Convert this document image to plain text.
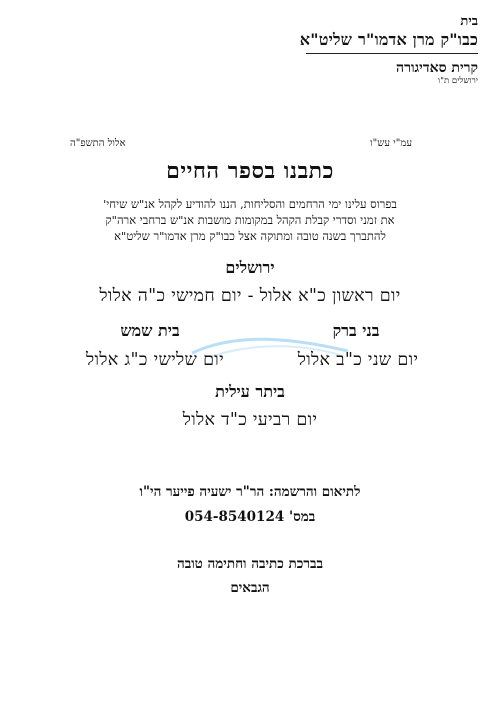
בית
כבו"ק מרן אדמו"ר שליט"א
קרית סאדיגורה
ירושלים ת"ו
עמ"י עש"ו
אלול התשפ"ה
כתבנו בספר החיים
בפרוס עלינו ימי הרחמים והסליחות, הננו להודיע לקהל אנ"ש שיחי'
את זמני וסדרי קבלת הקהל במקומות מושבות אנ"ש ברחבי ארה"ק
להתברך בשנה טובה ומתוקה אצל כבו"ק מרן אדמו"ר שליט"א
ירושלים
יום ראשון כ"א אלול - יום חמישי כ"ה אלול
בני ברק
בית שמש
יום שני כ"ב אלול
יום שלישי כ"ג אלול
ביתר עילית
יום רביעי כ"ד אלול
לתיאום והרשמה: הר"ר ישעיה פייער הי"ו
במס' 054-8540124
בברכת כתיבה וחתימה טובה
הגבאים
